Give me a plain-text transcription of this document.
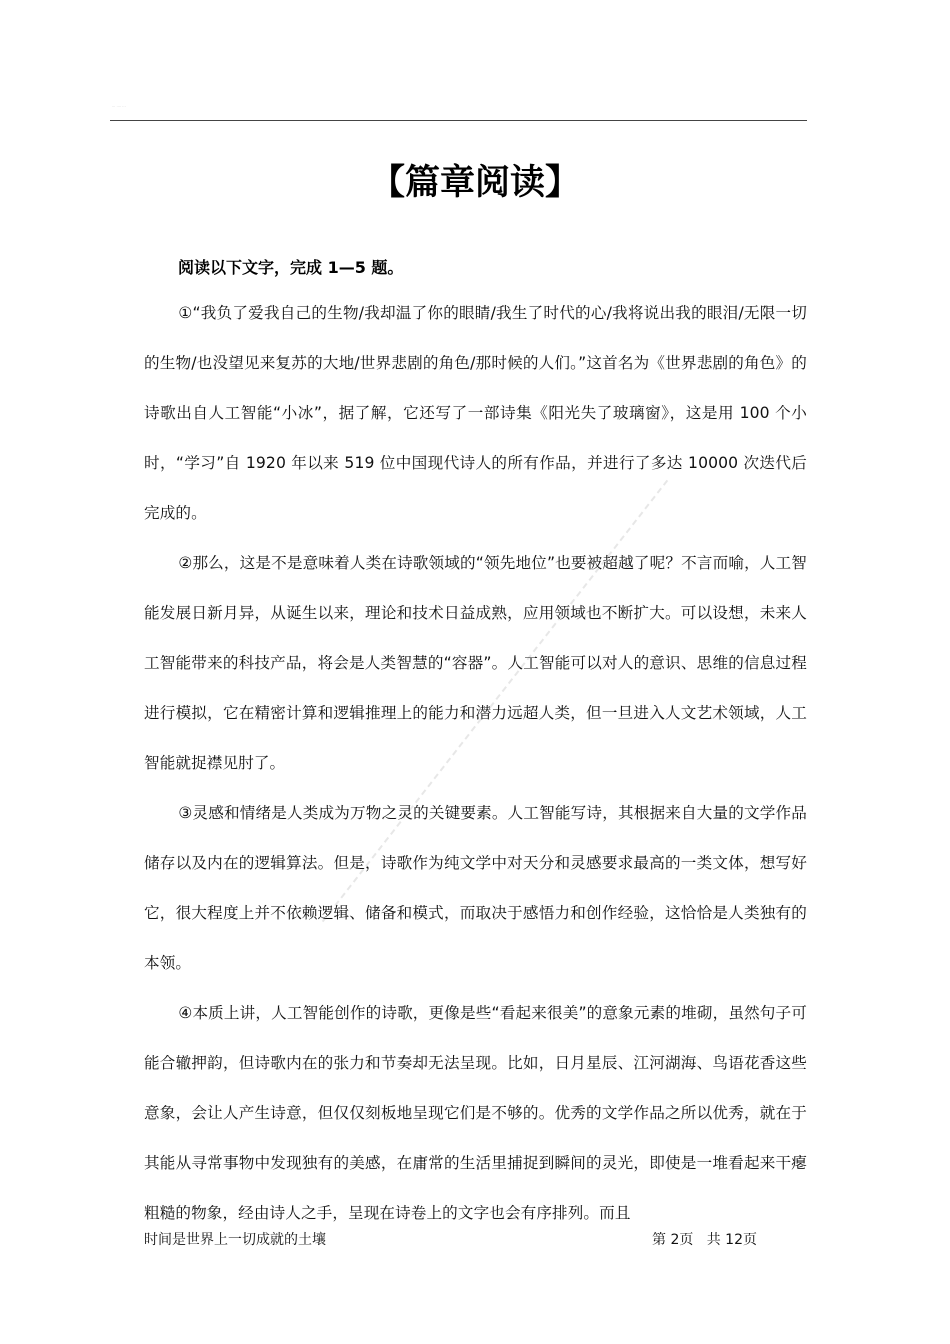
··· ···· ···
【篇章阅读】
阅读以下文字，完成 1—5 题。

①“我负了爱我自己的生物/我却温了你的眼睛/我生了时代的心/我将说出我的眼泪/无限一切的生物/也没望见来复苏的大地/世界悲剧的角色/那时候的人们。”这首名为《世界悲剧的角色》的诗歌出自人工智能“小冰”，据了解，它还写了一部诗集《阳光失了玻璃窗》，这是用 100 个小时，“学习”自 1920 年以来 519 位中国现代诗人的所有作品，并进行了多达 10000 次迭代后完成的。

②那么，这是不是意味着人类在诗歌领域的“领先地位”也要被超越了呢？不言而喻，人工智能发展日新月异，从诞生以来，理论和技术日益成熟，应用领域也不断扩大。可以设想，未来人工智能带来的科技产品，将会是人类智慧的“容器”。人工智能可以对人的意识、思维的信息过程进行模拟，它在精密计算和逻辑推理上的能力和潜力远超人类，但一旦进入人文艺术领域，人工智能就捉襟见肘了。

③灵感和情绪是人类成为万物之灵的关键要素。人工智能写诗，其根据来自大量的文学作品储存以及内在的逻辑算法。但是，诗歌作为纯文学中对天分和灵感要求最高的一类文体，想写好它，很大程度上并不依赖逻辑、储备和模式，而取决于感悟力和创作经验，这恰恰是人类独有的本领。

④本质上讲，人工智能创作的诗歌，更像是些“看起来很美”的意象元素的堆砌，虽然句子可能合辙押韵，但诗歌内在的张力和节奏却无法呈现。比如，日月星辰、江河湖海、鸟语花香这些意象，会让人产生诗意，但仅仅刻板地呈现它们是不够的。优秀的文学作品之所以优秀，就在于其能从寻常事物中发现独有的美感，在庸常的生活里捕捉到瞬间的灵光，即使是一堆看起来干瘪粗糙的物象，经由诗人之手，呈现在诗卷上的文字也会有序排列。而且

时间是世界上一切成就的土壤	第 2页   共 12页
